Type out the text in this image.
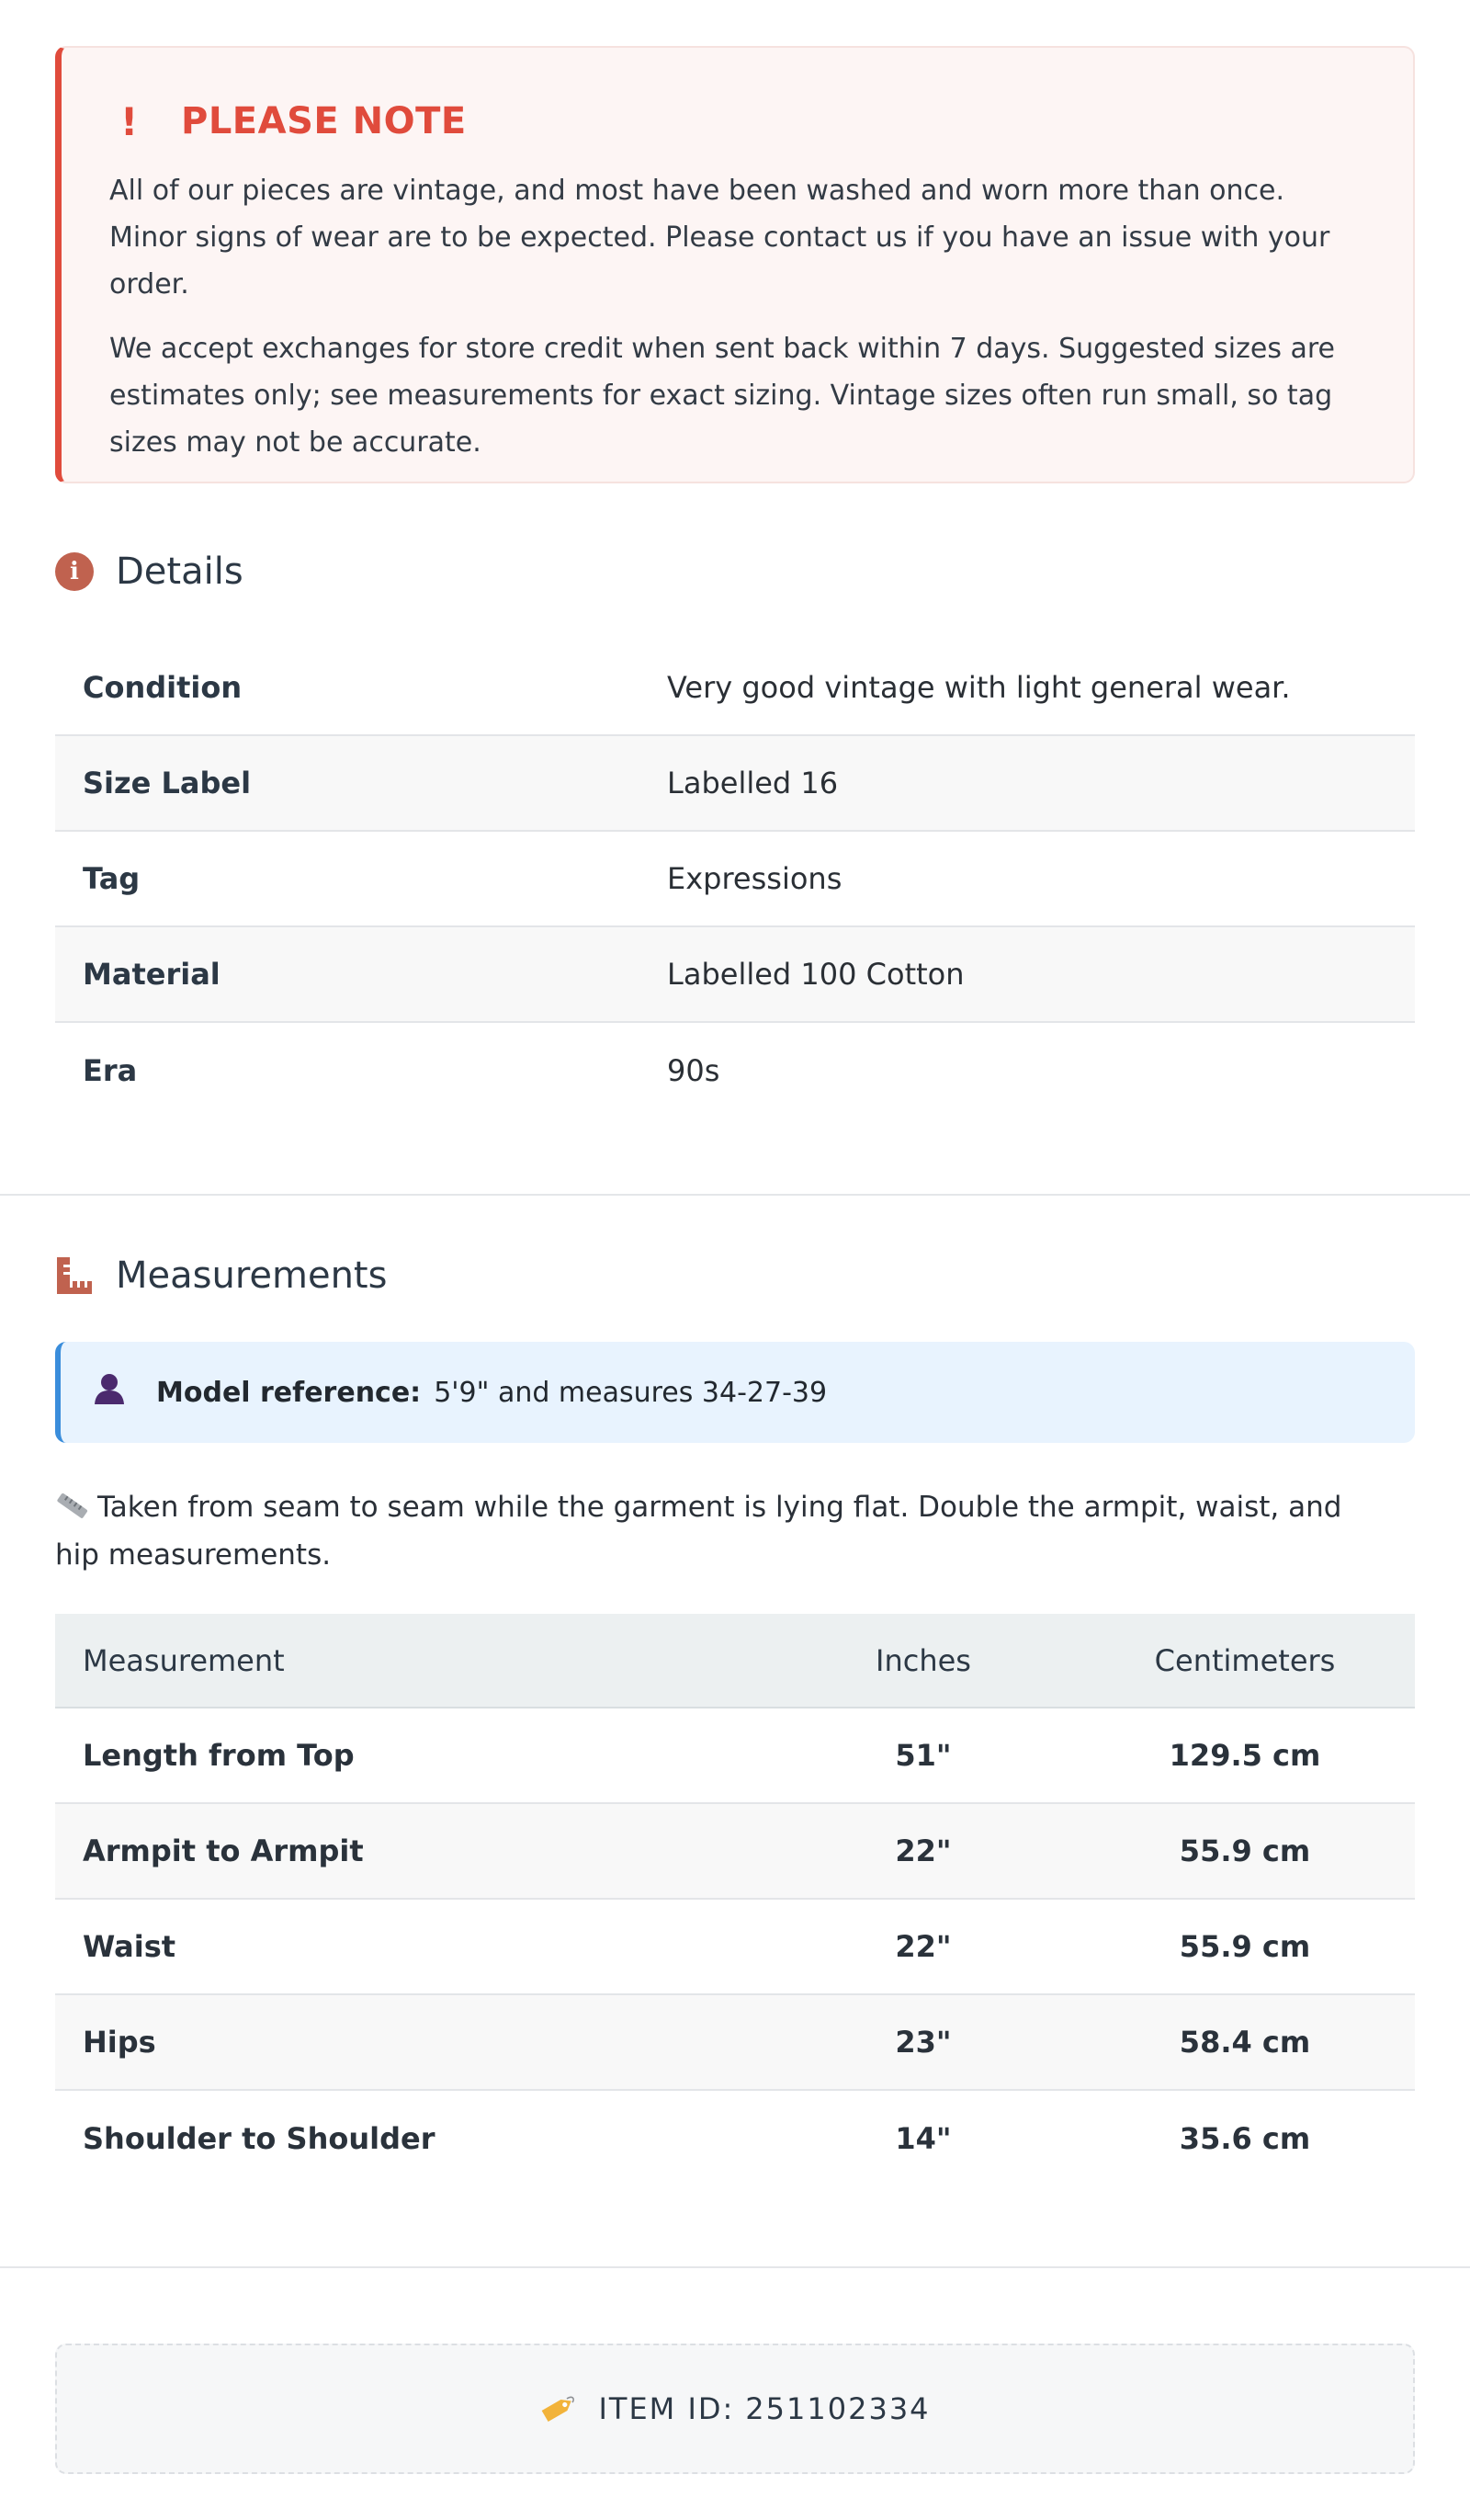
!	PLEASE NOTE

All of our pieces are vintage, and most have been washed and worn more than once. Minor signs of wear are to be expected. Please contact us if you have an issue with your order.

We accept exchanges for store credit when sent back within 7 days. Suggested sizes are estimates only; see measurements for exact sizing. Vintage sizes often run small, so tag sizes may not be accurate.

i	Details
Condition	Very good vintage with light general wear.
Size Label	Labelled 16
Tag	Expressions
Material	Labelled 100 Cotton
Era	90s
Measurements
Model reference: 5'9" and measures 34-27-39
Taken from seam to seam while the garment is lying flat. Double the armpit, waist, and hip measurements.
Measurement	Inches	Centimeters
Length from Top	51"	129.5 cm
Armpit to Armpit	22"	55.9 cm
Waist	22"	55.9 cm
Hips	23"	58.4 cm
Shoulder to Shoulder	14"	35.6 cm
ITEM ID: 251102334
